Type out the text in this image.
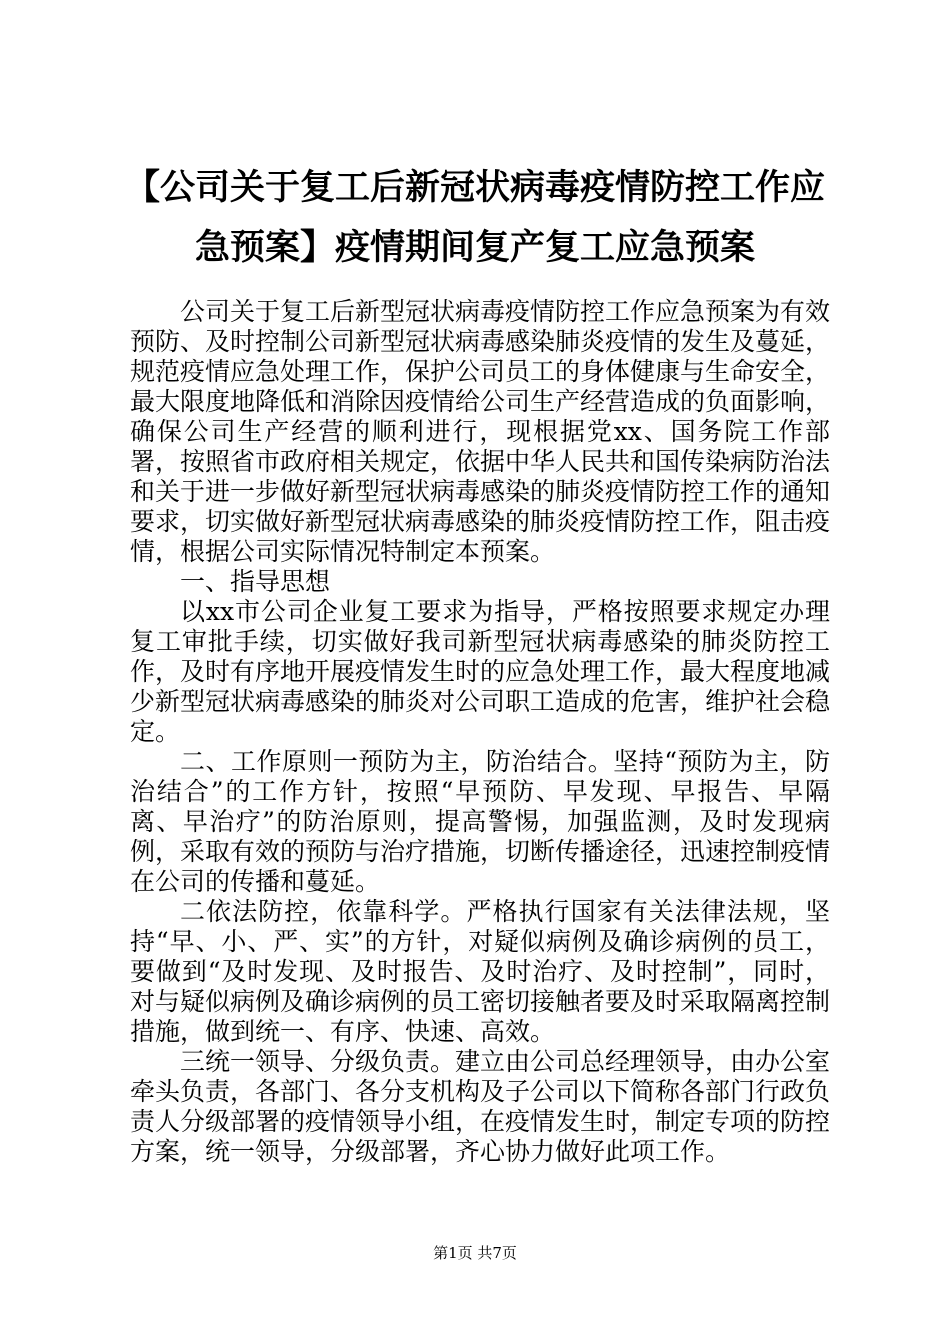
【公司关于复工后新冠状病毒疫情防控工作应急预案】疫情期间复产复工应急预案

公司关于复工后新型冠状病毒疫情防控工作应急预案为有效预防、及时控制公司新型冠状病毒感染肺炎疫情的发生及蔓延，规范疫情应急处理工作，保护公司员工的身体健康与生命安全，最大限度地降低和消除因疫情给公司生产经营造成的负面影响，确保公司生产经营的顺利进行，现根据党xx、国务院工作部署，按照省市政府相关规定，依据中华人民共和国传染病防治法和关于进一步做好新型冠状病毒感染的肺炎疫情防控工作的通知要求，切实做好新型冠状病毒感染的肺炎疫情防控工作，阻击疫情，根据公司实际情况特制定本预案。

一、指导思想

以xx市公司企业复工要求为指导，严格按照要求规定办理复工审批手续，切实做好我司新型冠状病毒感染的肺炎防控工作，及时有序地开展疫情发生时的应急处理工作，最大程度地减少新型冠状病毒感染的肺炎对公司职工造成的危害，维护社会稳定。

二、工作原则一预防为主，防治结合。坚持“预防为主，防治结合”的工作方针，按照“早预防、早发现、早报告、早隔离、早治疗”的防治原则，提高警惕，加强监测，及时发现病例，采取有效的预防与治疗措施，切断传播途径，迅速控制疫情在公司的传播和蔓延。

二依法防控，依靠科学。严格执行国家有关法律法规，坚持“早、小、严、实”的方针，对疑似病例及确诊病例的员工，要做到“及时发现、及时报告、及时治疗、及时控制”，同时，对与疑似病例及确诊病例的员工密切接触者要及时采取隔离控制措施，做到统一、有序、快速、高效。

三统一领导、分级负责。建立由公司总经理领导，由办公室牵头负责，各部门、各分支机构及子公司以下简称各部门行政负责人分级部署的疫情领导小组，在疫情发生时，制定专项的防控方案，统一领导，分级部署，齐心协力做好此项工作。

第1页 共7页
